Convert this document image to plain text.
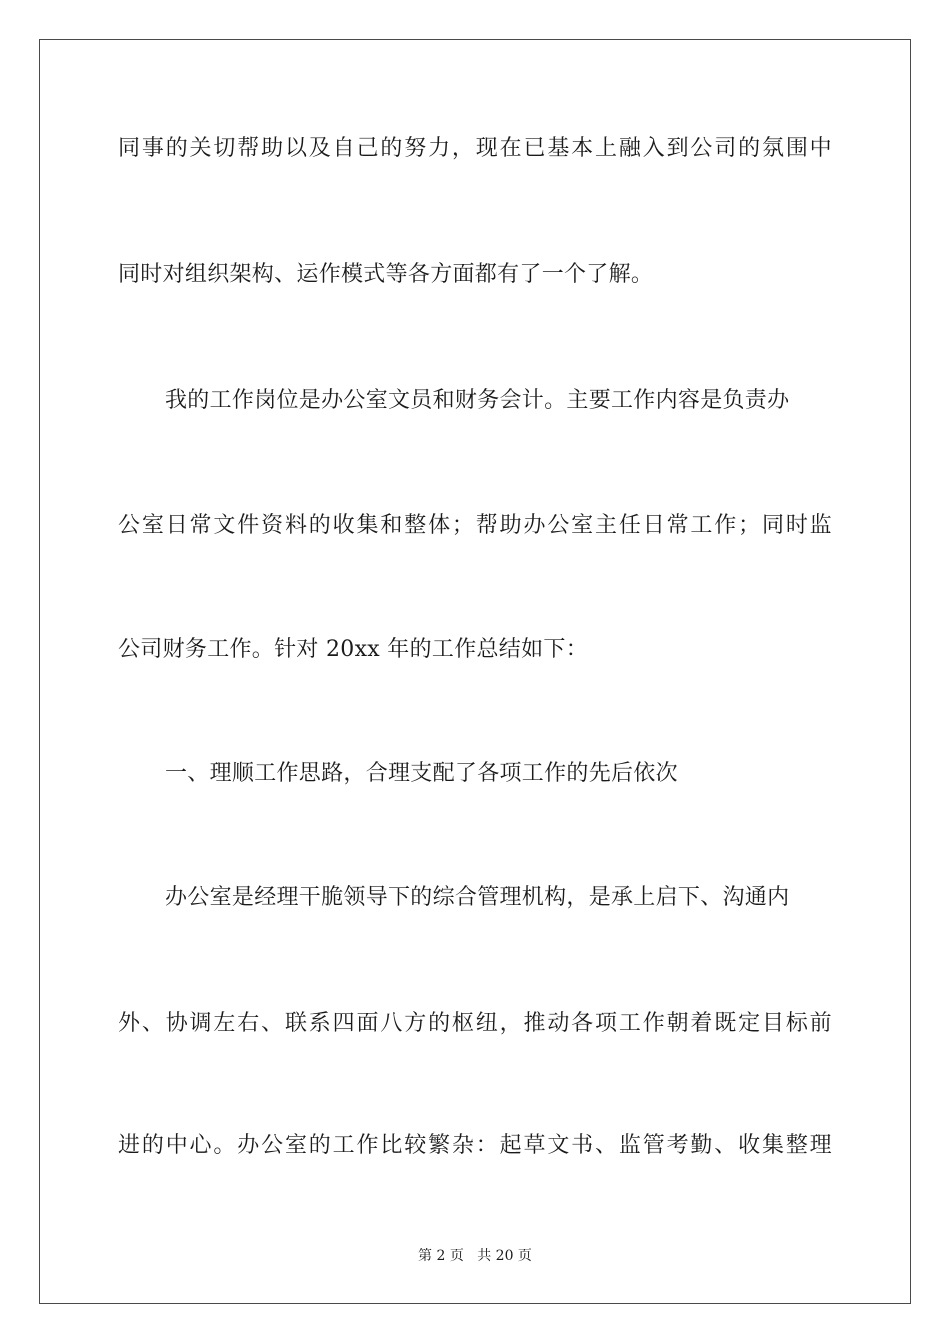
同事的关切帮助以及自己的努力，现在已基本上融入到公司的氛围中
同时对组织架构、运作模式等各方面都有了一个了解。
我的工作岗位是办公室文员和财务会计。主要工作内容是负责办
公室日常文件资料的收集和整体；帮助办公室主任日常工作；同时监
公司财务工作。针对 20xx 年的工作总结如下：
一、理顺工作思路，合理支配了各项工作的先后依次
办公室是经理干脆领导下的综合管理机构，是承上启下、沟通内
外、协调左右、联系四面八方的枢纽，推动各项工作朝着既定目标前
进的中心。办公室的工作比较繁杂：起草文书、监管考勤、收集整理
第 2 页 共 20 页
